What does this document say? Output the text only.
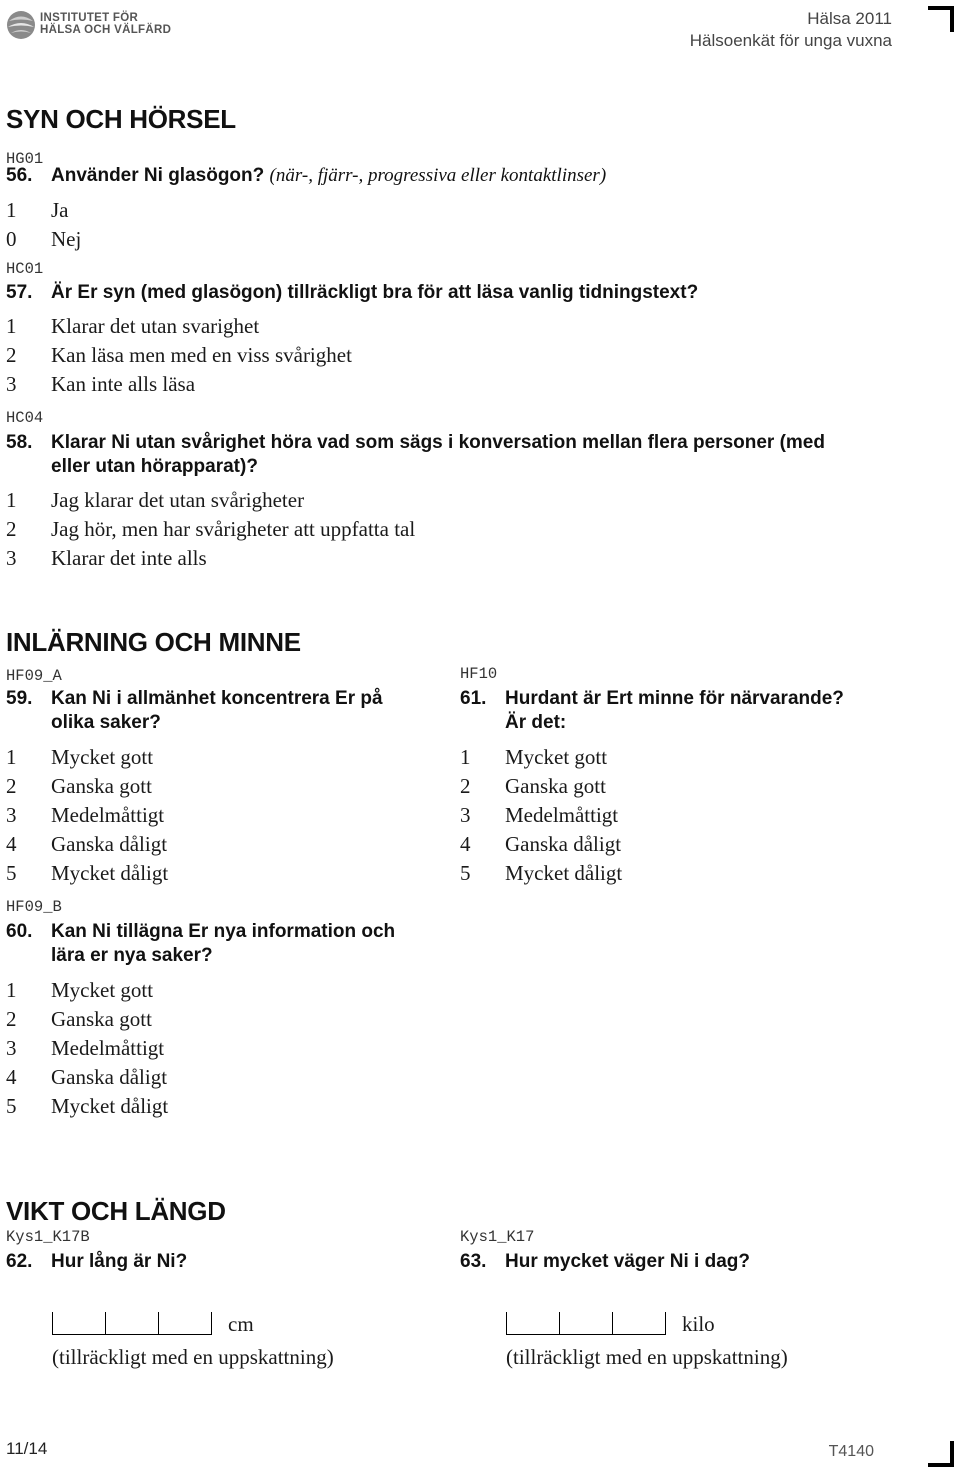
INSTITUTET FÖR
HÄLSA OCH VÄLFÄRD
Hälsa 2011
Hälsoenkät för unga vuxna
SYN OCH HÖRSEL
HG01
56. Använder Ni glasögon? (när-, fjärr-, progressiva eller kontaktlinser)
1	Ja
0	Nej
HC01
57. Är Er syn (med glasögon) tillräckligt bra för att läsa vanlig tidningstext?
1	Klarar det utan svarighet
2	Kan läsa men med en viss svårighet
3	Kan inte alls läsa
HC04
58. Klarar Ni utan svårighet höra vad som sägs i konversation mellan flera personer (med
eller utan hörapparat)?
1	Jag klarar det utan svårigheter
2	Jag hör, men har svårigheter att uppfatta tal
3	Klarar det inte alls
INLÄRNING OCH MINNE
HF09_A
59. Kan Ni i allmänhet koncentrera Er på
olika saker?
1	Mycket gott
2	Ganska gott
3	Medelmåttigt
4	Ganska dåligt
5	Mycket dåligt
HF09_B
60. Kan Ni tillägna Er nya information och
lära er nya saker?
1	Mycket gott
2	Ganska gott
3	Medelmåttigt
4	Ganska dåligt
5	Mycket dåligt
HF10
61. Hurdant är Ert minne för närvarande?
Är det:
1	Mycket gott
2	Ganska gott
3	Medelmåttigt
4	Ganska dåligt
5	Mycket dåligt
VIKT OCH LÄNGD
Kys1_K17B
62. Hur lång är Ni?
cm
(tillräckligt med en uppskattning)
Kys1_K17
63. Hur mycket väger Ni i dag?
kilo
(tillräckligt med en uppskattning)
11/14	T4140
